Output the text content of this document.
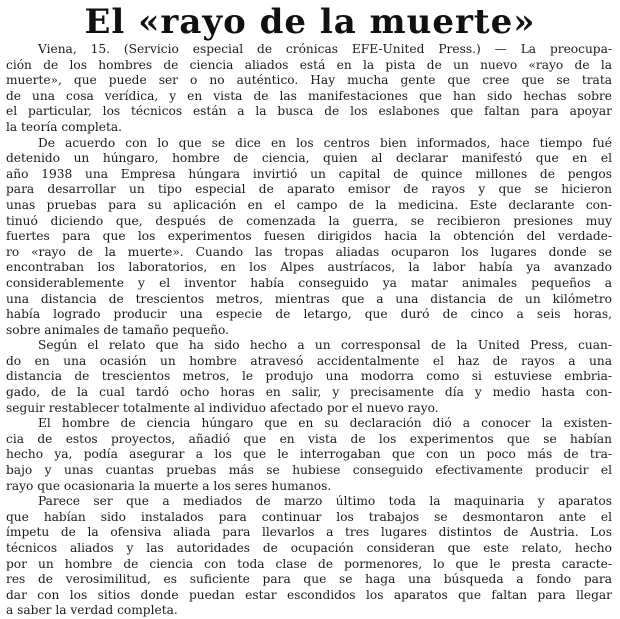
El «rayo de la muerte»
Viena, 15. (Servicio especial de crónicas EFE-United Press.) — La preocupa-
ción de los hombres de ciencia aliados está en la pista de un nuevo «rayo de la
muerte», que puede ser o no auténtico. Hay mucha gente que cree que se trata
de una cosa verídica, y en vista de las manifestaciones que han sido hechas sobre
el particular, los técnicos están a la busca de los eslabones que faltan para apoyar
la teoría completa.
De acuerdo con lo que se dice en los centros bien informados, hace tiempo fué
detenido un húngaro, hombre de ciencia, quien al declarar manifestó que en el
año 1938 una Empresa húngara invirtió un capital de quince millones de pengos
para desarrollar un tipo especial de aparato emisor de rayos y que se hicieron
unas pruebas para su aplicación en el campo de la medicina. Este declarante con-
tinuó diciendo que, después de comenzada la guerra, se recibieron presiones muy
fuertes para que los experimentos fuesen dirigidos hacia la obtención del verdade-
ro «rayo de la muerte». Cuando las tropas aliadas ocuparon los lugares donde se
encontraban los laboratorios, en los Alpes austríacos, la labor había ya avanzado
considerablemente y el inventor había conseguido ya matar animales pequeños a
una distancia de trescientos metros, mientras que a una distancia de un kilómetro
había logrado producir una especie de letargo, que duró de cinco a seis horas,
sobre animales de tamaño pequeño.
Según el relato que ha sido hecho a un corresponsal de la United Press, cuan-
do en una ocasión un hombre atravesó accidentalmente el haz de rayos a una
distancia de trescientos metros, le produjo una modorra como si estuviese embria-
gado, de la cual tardó ocho horas en salir, y precisamente día y medio hasta con-
seguir restablecer totalmente al individuo afectado por el nuevo rayo.
El hombre de ciencia húngaro que en su declaración dió a conocer la existen-
cia de estos proyectos, añadió que en vista de los experimentos que se habían
hecho ya, podía asegurar a los que le interrogaban que con un poco más de tra-
bajo y unas cuantas pruebas más se hubiese conseguido efectivamente producir el
rayo que ocasionaria la muerte a los seres humanos.
Parece ser que a mediados de marzo último toda la maquinaria y aparatos
que habían sido instalados para continuar los trabajos se desmontaron ante el
ímpetu de la ofensiva aliada para llevarlos a tres lugares distintos de Austria. Los
técnicos aliados y las autoridades de ocupación consideran que este relato, hecho
por un hombre de ciencia con toda clase de pormenores, lo que le presta caracte-
res de verosimilitud, es suficiente para que se haga una búsqueda a fondo para
dar con los sitios donde puedan estar escondidos los aparatos que faltan para llegar
a saber la verdad completa.
